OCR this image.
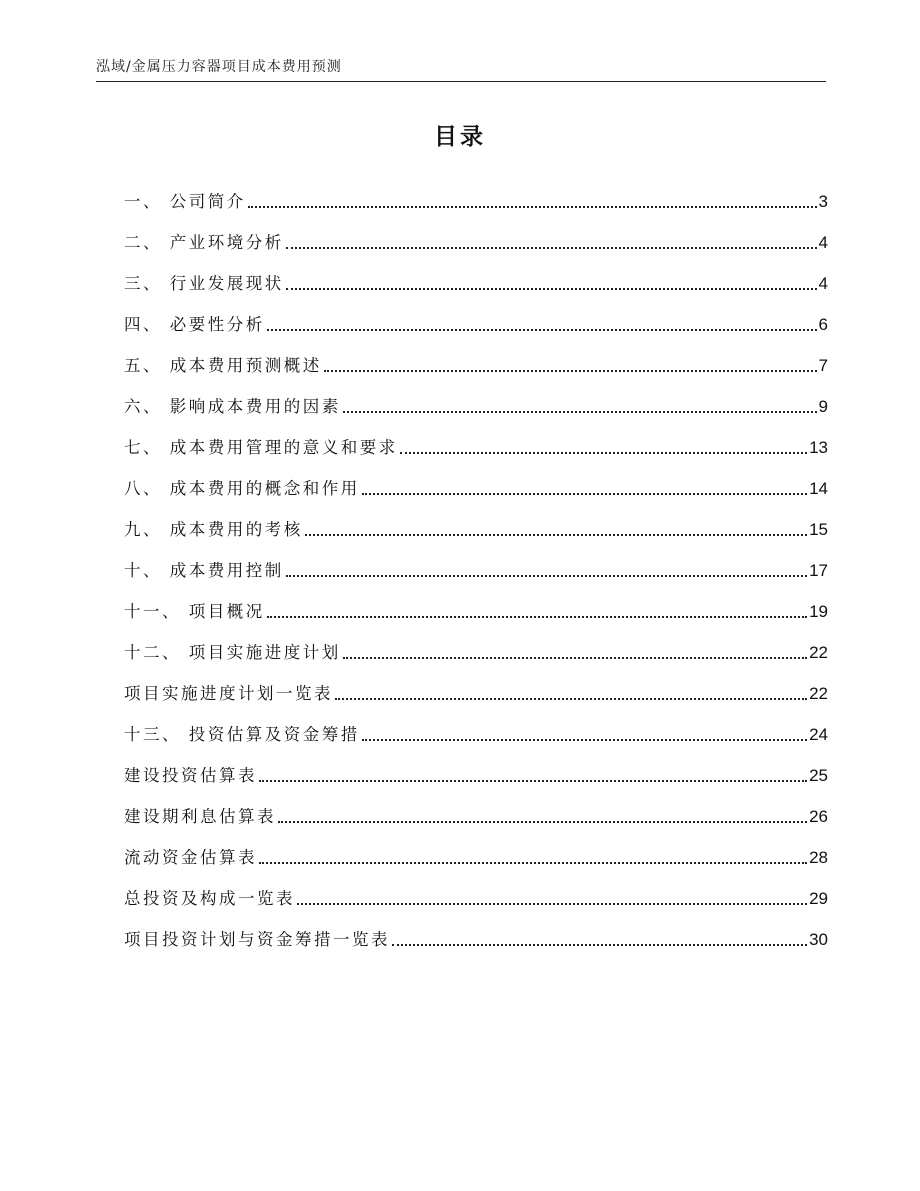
泓域/金属压力容器项目成本费用预测
目录
一、 公司简介	3
二、 产业环境分析	4
三、 行业发展现状	4
四、 必要性分析	6
五、 成本费用预测概述	7
六、 影响成本费用的因素	9
七、 成本费用管理的意义和要求	13
八、 成本费用的概念和作用	14
九、 成本费用的考核	15
十、 成本费用控制	17
十一、 项目概况	19
十二、 项目实施进度计划	22
项目实施进度计划一览表	22
十三、 投资估算及资金筹措	24
建设投资估算表	25
建设期利息估算表	26
流动资金估算表	28
总投资及构成一览表	29
项目投资计划与资金筹措一览表	30
